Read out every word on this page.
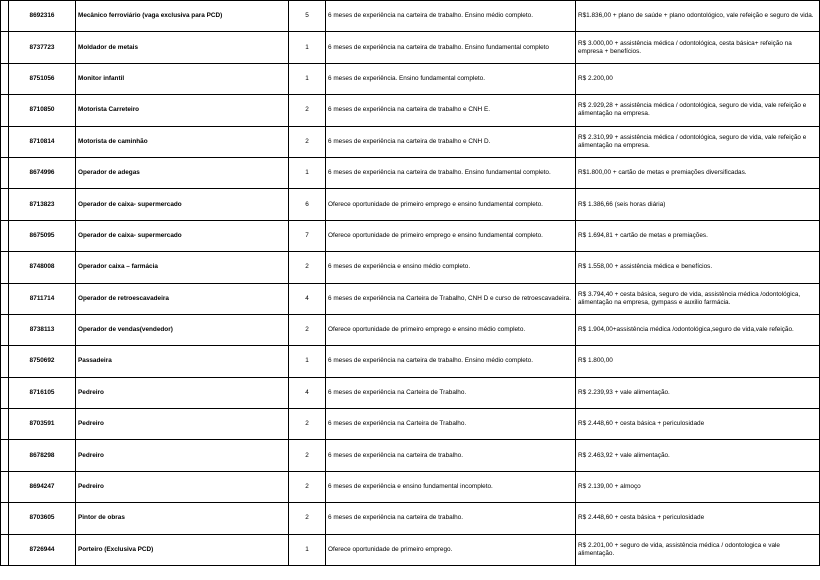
	8692316	Mecânico ferroviário (vaga exclusiva para PCD)	5	6 meses de experiência na carteira de trabalho. Ensino médio completo.	R$1.836,00 + plano de saúde + plano odontológico, vale refeição e seguro de vida.
	8737723	Moldador de metais	1	6 meses de experiência na carteira de trabalho. Ensino fundamental completo	R$ 3.000,00 + assistência médica / odontológica, cesta básica+ refeição na empresa + benefícios.
	8751056	Monitor infantil	1	6 meses de experiência. Ensino fundamental completo.	R$ 2.200,00
	8710850	Motorista Carreteiro	2	6 meses de experiência na carteira de trabalho e CNH E.	R$ 2.929,28 + assistência médica / odontológica, seguro de vida, vale refeição e alimentação na empresa.
	8710814	Motorista de caminhão	2	6 meses de experiência na carteira de trabalho e CNH D.	R$ 2.310,99 + assistência médica / odontológica, seguro de vida, vale refeição e alimentação na empresa.
	8674996	Operador de adegas	1	6 meses de experiência na carteira de trabalho. Ensino fundamental completo.	R$1.800,00 + cartão de metas e premiações diversificadas.
	8713823	Operador de caixa- supermercado	6	Oferece oportunidade de primeiro emprego e ensino fundamental completo.	R$ 1.386,66 (seis horas diária)
	8675095	Operador de caixa- supermercado	7	Oferece oportunidade de primeiro emprego e ensino fundamental completo.	R$ 1.694,81 + cartão de metas e premiações.
	8748008	Operador caixa – farmácia	2	6 meses de experiência e ensino médio completo.	R$ 1.558,00 + assistência médica e benefícios.
	8711714	Operador de retroescavadeira	4	6 meses de experiência na Carteira de Trabalho, CNH D e curso de retroescavadeira.	R$ 3.794,40 + cesta básica, seguro de vida, assistência médica /odontológica, alimentação na empresa, gympass e auxilio farmácia.
	8738113	Operador de vendas(vendedor)	2	Oferece oportunidade de primeiro emprego e ensino médio completo.	R$ 1.904,00+assistência médica /odontológica,seguro de vida,vale refeição.
	8750692	Passadeira	1	6 meses de experiência na carteira de trabalho. Ensino médio completo.	R$ 1.800,00
	8716105	Pedreiro	4	6 meses de experiência na Carteira de Trabalho.	R$ 2.239,93 + vale alimentação.
	8703591	Pedreiro	2	6 meses de experiência na Carteira de Trabalho.	R$ 2.448,60 + cesta básica + periculosidade
	8678298	Pedreiro	2	6 meses de experiência na carteira de trabalho.	R$ 2.463,92 + vale alimentação.
	8694247	Pedreiro	2	6 meses de experiência e ensino fundamental incompleto.	R$ 2.139,00 + almoço
	8703605	Pintor de obras	2	6 meses de experiência na carteira de trabalho.	R$ 2.448,60 + cesta básica + periculosidade
	8726944	Porteiro (Exclusiva PCD)	1	Oferece oportunidade de primeiro emprego.	R$ 2.201,00 + seguro de vida, assistência médica / odontologica e vale alimentação.
